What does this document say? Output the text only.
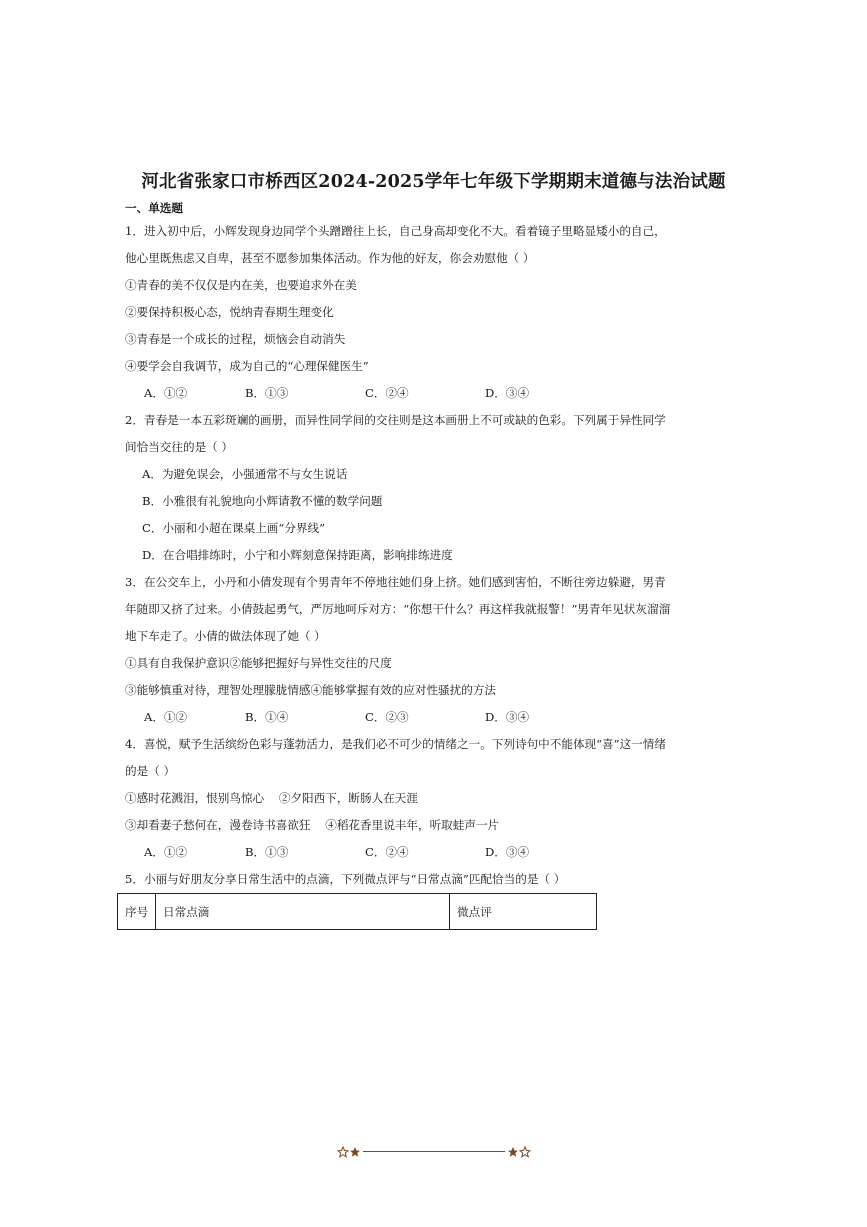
河北省张家口市桥西区2024-2025学年七年级下学期期末道德与法治试题
一、单选题
1．进入初中后，小辉发现身边同学个头蹭蹭往上长，自己身高却变化不大。看着镜子里略显矮小的自己，
他心里既焦虑又自卑，甚至不愿参加集体活动。作为他的好友，你会劝慰他（ ）
①青春的美不仅仅是内在美，也要追求外在美
②要保持积极心态，悦纳青春期生理变化
③青春是一个成长的过程，烦恼会自动消失
④要学会自我调节，成为自己的“心理保健医生”
A．①②	B．①③	C．②④	D．③④
2．青春是一本五彩斑斓的画册，而异性同学间的交往则是这本画册上不可或缺的色彩。下列属于异性同学
间恰当交往的是（ ）
A．为避免误会，小强通常不与女生说话
B．小雅很有礼貌地向小辉请教不懂的数学问题
C．小丽和小超在课桌上画“分界线”
D．在合唱排练时，小宁和小辉刻意保持距离，影响排练进度
3．在公交车上，小丹和小倩发现有个男青年不停地往她们身上挤。她们感到害怕，不断往旁边躲避，男青
年随即又挤了过来。小倩鼓起勇气，严厉地呵斥对方：“你想干什么？再这样我就报警！”男青年见状灰溜溜
地下车走了。小倩的做法体现了她（ ）
①具有自我保护意识②能够把握好与异性交往的尺度
③能够慎重对待，理智处理朦胧情感④能够掌握有效的应对性骚扰的方法
A．①②	B．①④	C．②③	D．③④
4．喜悦，赋予生活缤纷色彩与蓬勃活力，是我们必不可少的情绪之一。下列诗句中不能体现“喜”这一情绪
的是（ ）
①感时花溅泪，恨别鸟惊心    ②夕阳西下，断肠人在天涯
③却看妻子愁何在，漫卷诗书喜欲狂    ④稻花香里说丰年，听取蛙声一片
A．①②	B．①③	C．②④	D．③④
5．小丽与好朋友分享日常生活中的点滴，下列微点评与“日常点滴”匹配恰当的是（ ）
序号	日常点滴	微点评
